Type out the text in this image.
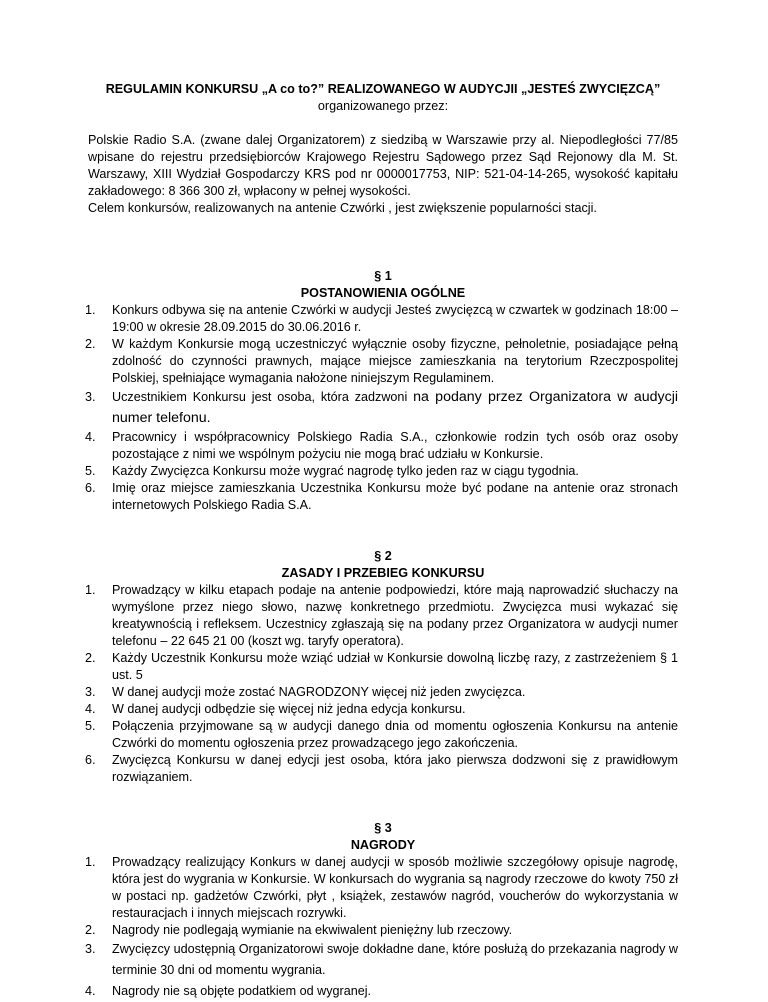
REGULAMIN KONKURSU „A co to?” REALIZOWANEGO W AUDYCJII „JESTEŚ ZWYCIĘZCĄ”

organizowanego przez:

Polskie Radio S.A. (zwane dalej Organizatorem) z siedzibą w Warszawie przy al. Niepodległości 77/85 wpisane do rejestru przedsiębiorców Krajowego Rejestru Sądowego przez Sąd Rejonowy dla M. St. Warszawy, XIII Wydział Gospodarczy KRS pod nr 0000017753, NIP: 521-04-14-265, wysokość kapitału zakładowego: 8 366 300 zł, wpłacony w pełnej wysokości.

Celem konkursów, realizowanych na antenie Czwórki , jest zwiększenie popularności stacji.

§ 1

POSTANOWIENIA OGÓLNE

1. Konkurs odbywa się na antenie Czwórki w audycji Jesteś zwycięzcą w czwartek w godzinach 18:00 – 19:00 w okresie 28.09.2015 do 30.06.2016 r.
2. W każdym Konkursie mogą uczestniczyć wyłącznie osoby fizyczne, pełnoletnie, posiadające pełną zdolność do czynności prawnych, mające miejsce zamieszkania na terytorium Rzeczpospolitej Polskiej, spełniające wymagania nałożone niniejszym Regulaminem.
3. Uczestnikiem Konkursu jest osoba, która zadzwoni na podany przez Organizatora w audycji numer telefonu.
4. Pracownicy i współpracownicy Polskiego Radia S.A., członkowie rodzin tych osób oraz osoby pozostające z nimi we wspólnym pożyciu nie mogą brać udziału w Konkursie.
5. Każdy Zwycięzca Konkursu może wygrać nagrodę tylko jeden raz w ciągu tygodnia.
6. Imię oraz miejsce zamieszkania Uczestnika Konkursu może być podane na antenie oraz stronach internetowych Polskiego Radia S.A.

§ 2

ZASADY I PRZEBIEG KONKURSU

1. Prowadzący w kilku etapach podaje na antenie podpowiedzi, które mają naprowadzić słuchaczy na wymyślone przez niego słowo, nazwę konkretnego przedmiotu. Zwycięzca musi wykazać się kreatywnością i refleksem. Uczestnicy zgłaszają się na podany przez Organizatora w audycji numer telefonu – 22 645 21 00 (koszt wg. taryfy operatora).
2. Każdy Uczestnik Konkursu może wziąć udział w Konkursie dowolną liczbę razy, z zastrzeżeniem § 1 ust. 5
3. W danej audycji może zostać NAGRODZONY więcej niż jeden zwycięzca.
4. W danej audycji odbędzie się więcej niż jedna edycja konkursu.
5. Połączenia przyjmowane są w audycji danego dnia od momentu ogłoszenia Konkursu na antenie Czwórki do momentu ogłoszenia przez prowadzącego jego zakończenia.
6. Zwycięzcą Konkursu w danej edycji jest osoba, która jako pierwsza dodzwoni się z prawidłowym rozwiązaniem.

§ 3

NAGRODY

1. Prowadzący realizujący Konkurs w danej audycji w sposób możliwie szczegółowy opisuje nagrodę, która jest do wygrania w Konkursie. W konkursach do wygrania są nagrody rzeczowe do kwoty 750 zł w postaci np. gadżetów Czwórki, płyt , książek, zestawów nagród, voucherów do wykorzystania w restauracjach i innych miejscach rozrywki.
2. Nagrody nie podlegają wymianie na ekwiwalent pieniężny lub rzeczowy.
3. Zwycięzcy udostępnią Organizatorowi swoje dokładne dane, które posłużą do przekazania nagrody w terminie 30 dni od momentu wygrania.
4. Nagrody nie są objęte podatkiem od wygranej.
